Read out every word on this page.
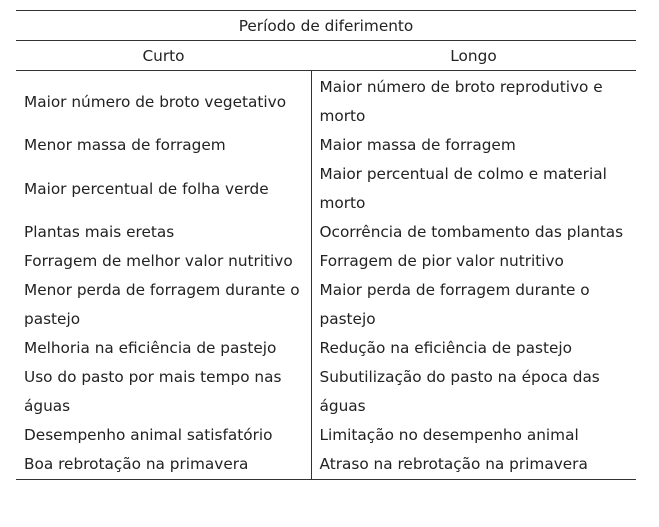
Período de diferimento	
Curto	Longo
Maior número de broto vegetativo	Maior número de broto reprodutivo e morto
Menor massa de forragem	Maior massa de forragem
Maior percentual de folha verde	Maior percentual de colmo e material morto
Plantas mais eretas	Ocorrência de tombamento das plantas
Forragem de melhor valor nutritivo	Forragem de pior valor nutritivo
Menor perda de forragem durante o pastejo	Maior perda de forragem durante o pastejo
Melhoria na eficiência de pastejo	Redução na eficiência de pastejo
Uso do pasto por mais tempo nas águas	Subutilização do pasto na época das águas
Desempenho animal satisfatório	Limitação no desempenho animal
Boa rebrotação na primavera	Atraso na rebrotação na primavera
